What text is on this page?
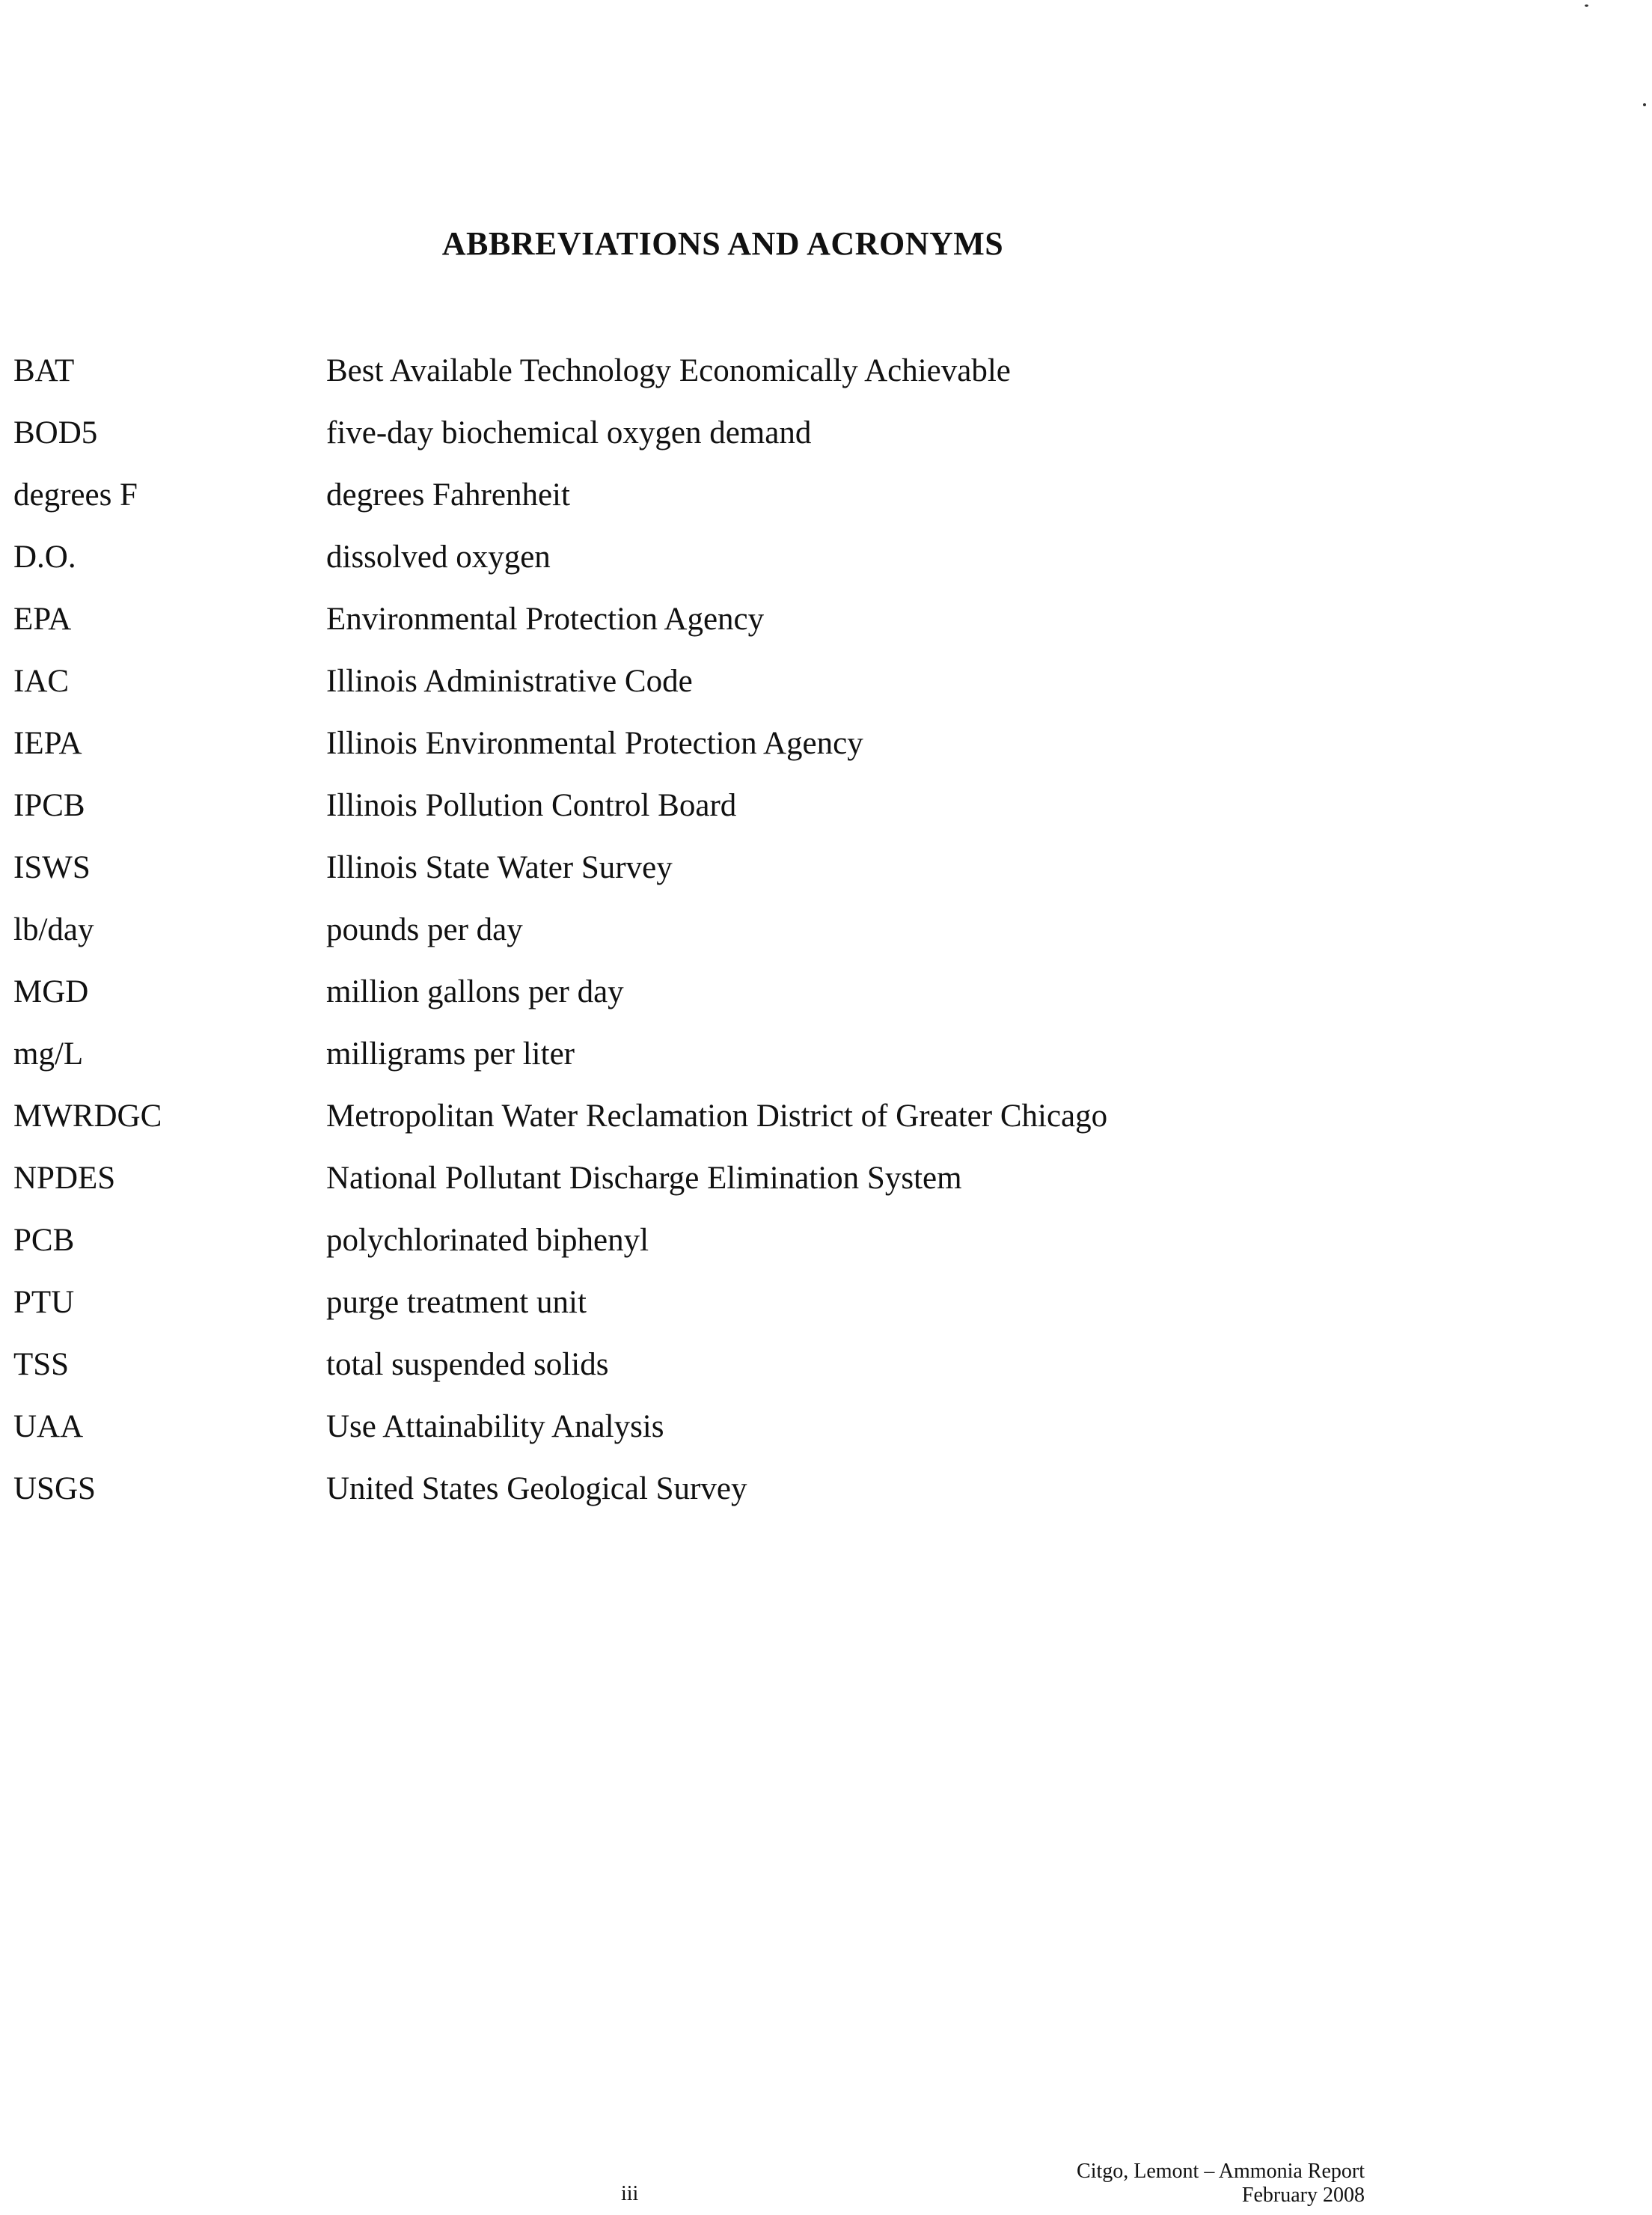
ABBREVIATIONS AND ACRONYMS
BAT	Best Available Technology Economically Achievable
BOD5	five-day biochemical oxygen demand
degrees F	degrees Fahrenheit
D.O.	dissolved oxygen
EPA	Environmental Protection Agency
IAC	Illinois Administrative Code
IEPA	Illinois Environmental Protection Agency
IPCB	Illinois Pollution Control Board
ISWS	Illinois State Water Survey
lb/day	pounds per day
MGD	million gallons per day
mg/L	milligrams per liter
MWRDGC	Metropolitan Water Reclamation District of Greater Chicago
NPDES	National Pollutant Discharge Elimination System
PCB	polychlorinated biphenyl
PTU	purge treatment unit
TSS	total suspended solids
UAA	Use Attainability Analysis
USGS	United States Geological Survey
iii
Citgo, Lemont – Ammonia Report
February 2008
